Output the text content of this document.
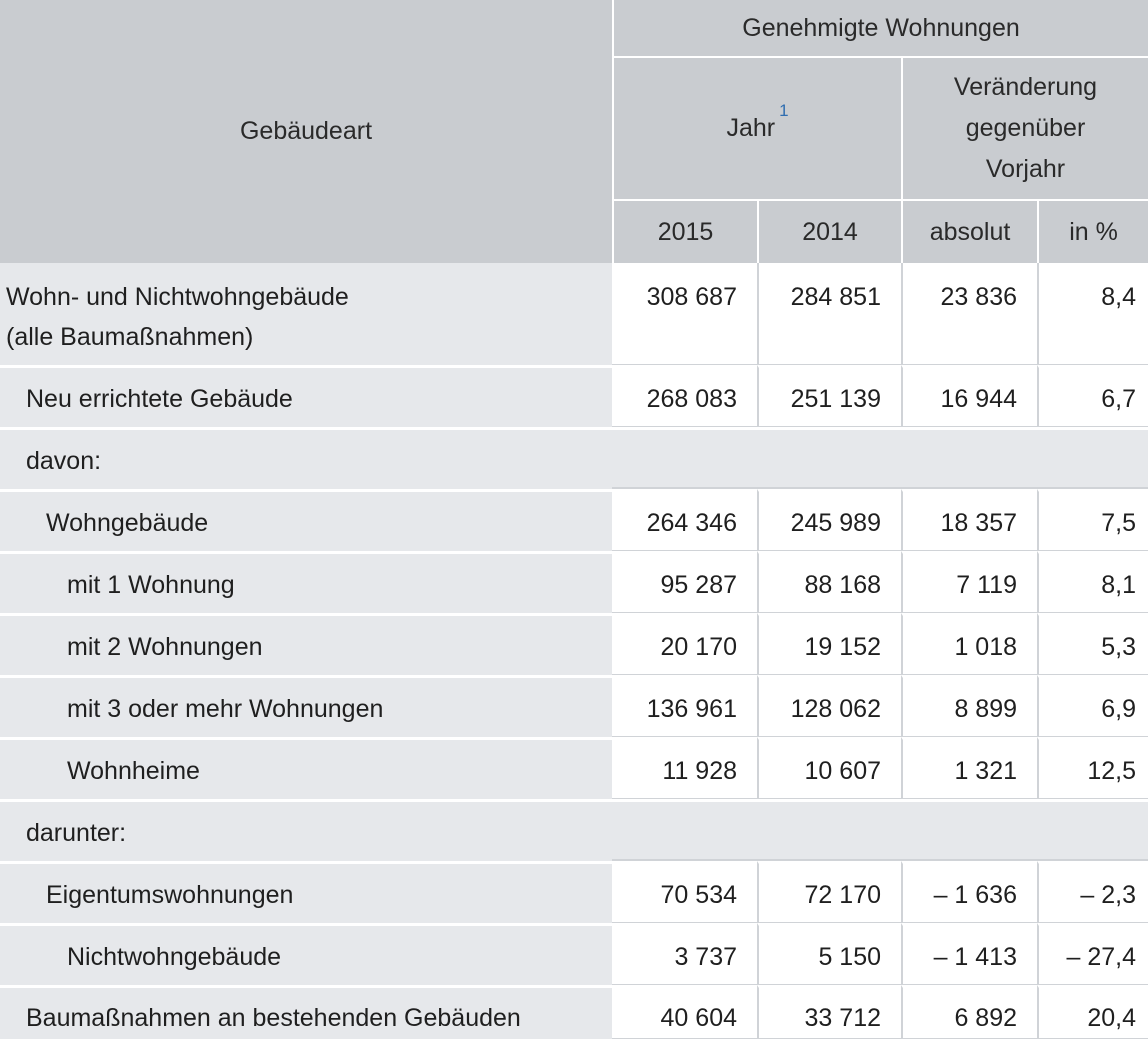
Gebäudeart	Genehmigte Wohnungen			
	Jahr$^1$		Veränderung
gegenüber
Vorjahr	
	2015	2014	absolut	in %
Wohn- und Nichtwohngebäude
(alle Baumaßnahmen)	308 687	284 851	23 836	8,4
Neu errichtete Gebäude	268 083	251 139	16 944	6,7
davon:				
Wohngebäude	264 346	245 989	18 357	7,5
mit 1 Wohnung	95 287	88 168	7 119	8,1
mit 2 Wohnungen	20 170	19 152	1 018	5,3
mit 3 oder mehr Wohnungen	136 961	128 062	8 899	6,9
Wohnheime	11 928	10 607	1 321	12,5
darunter:				
Eigentumswohnungen	70 534	72 170	– 1 636	– 2,3
Nichtwohngebäude	3 737	5 150	– 1 413	– 27,4
Baumaßnahmen an bestehenden Gebäuden	40 604	33 712	6 892	20,4
